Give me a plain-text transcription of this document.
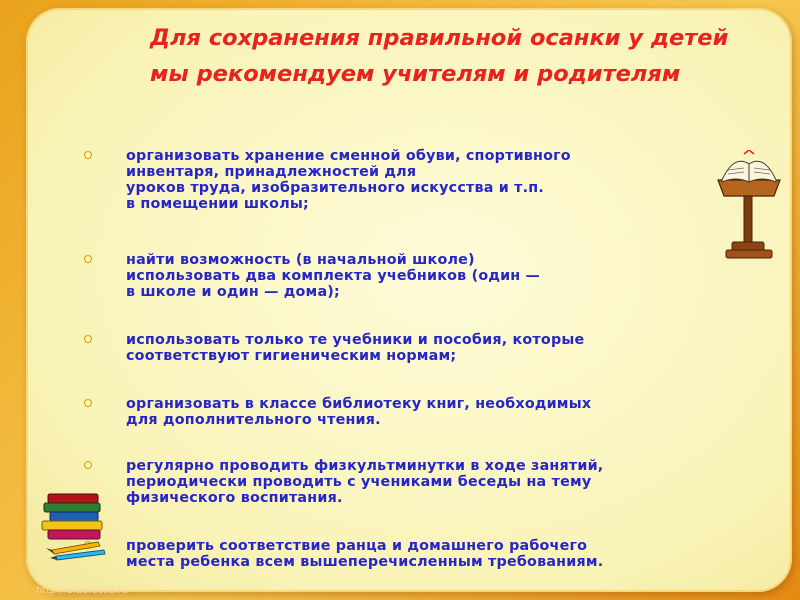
Для сохранения правильной осанки у детей мы рекомендуем учителям и родителям
организовать хранение сменной обуви, спортивного
инвентаря, принадлежностей для
уроков труда, изобразительного искусства и т.п.
в помещении школы;
найти возможность (в начальной школе)
использовать два комплекта учебников (один —
в школе и один — дома);
использовать только те учебники и пособия, которые
соответствуют гигиеническим нормам;
организовать в классе библиотеку книг, необходимых
для дополнительного чтения.
регулярно проводить физкультминутки в ходе занятий,
периодически проводить с учениками беседы на тему
физического воспитания.
проверить соответствие ранца и домашнего рабочего
места ребенка всем вышеперечисленным требованиям.
http://aida.ucoz.ru
